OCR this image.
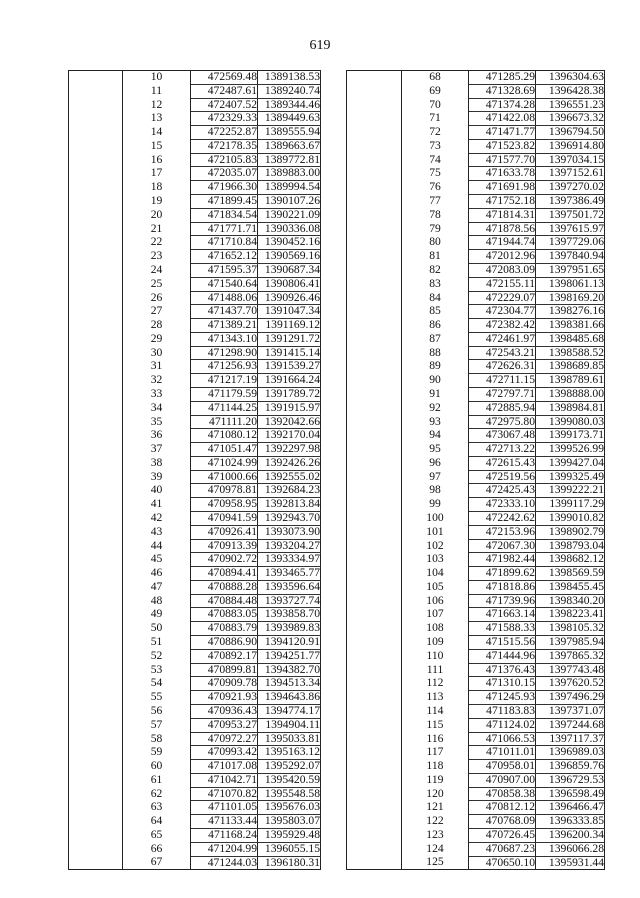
619
	10	472569.48	1389138.53
	11	472487.61	1389240.74
	12	472407.52	1389344.46
	13	472329.33	1389449.63
	14	472252.87	1389555.94
	15	472178.35	1389663.67
	16	472105.83	1389772.81
	17	472035.07	1389883.00
	18	471966.30	1389994.54
	19	471899.45	1390107.26
	20	471834.54	1390221.09
	21	471771.71	1390336.08
	22	471710.84	1390452.16
	23	471652.12	1390569.16
	24	471595.37	1390687.34
	25	471540.64	1390806.41
	26	471488.06	1390926.46
	27	471437.70	1391047.34
	28	471389.21	1391169.12
	29	471343.10	1391291.72
	30	471298.90	1391415.14
	31	471256.93	1391539.27
	32	471217.19	1391664.24
	33	471179.59	1391789.72
	34	471144.25	1391915.97
	35	471111.20	1392042.66
	36	471080.12	1392170.04
	37	471051.47	1392297.98
	38	471024.99	1392426.26
	39	471000.66	1392555.02
	40	470978.81	1392684.23
	41	470958.95	1392813.84
	42	470941.59	1392943.70
	43	470926.41	1393073.90
	44	470913.39	1393204.27
	45	470902.72	1393334.97
	46	470894.41	1393465.77
	47	470888.28	1393596.64
	48	470884.48	1393727.74
	49	470883.05	1393858.70
	50	470883.79	1393989.83
	51	470886.90	1394120.91
	52	470892.17	1394251.77
	53	470899.81	1394382.70
	54	470909.78	1394513.34
	55	470921.93	1394643.86
	56	470936.43	1394774.17
	57	470953.27	1394904.11
	58	470972.27	1395033.81
	59	470993.42	1395163.12
	60	471017.08	1395292.07
	61	471042.71	1395420.59
	62	471070.82	1395548.58
	63	471101.05	1395676.03
	64	471133.44	1395803.07
	65	471168.24	1395929.48
	66	471204.99	1396055.15
	67	471244.03	1396180.31
	68	471285.29	1396304.63
	69	471328.69	1396428.38
	70	471374.28	1396551.23
	71	471422.08	1396673.32
	72	471471.77	1396794.50
	73	471523.82	1396914.80
	74	471577.70	1397034.15
	75	471633.78	1397152.61
	76	471691.98	1397270.02
	77	471752.18	1397386.49
	78	471814.31	1397501.72
	79	471878.56	1397615.97
	80	471944.74	1397729.06
	81	472012.96	1397840.94
	82	472083.09	1397951.65
	83	472155.11	1398061.13
	84	472229.07	1398169.20
	85	472304.77	1398276.16
	86	472382.42	1398381.66
	87	472461.97	1398485.68
	88	472543.21	1398588.52
	89	472626.31	1398689.85
	90	472711.15	1398789.61
	91	472797.71	1398888.00
	92	472885.94	1398984.81
	93	472975.80	1399080.03
	94	473067.48	1399173.71
	95	472713.22	1399526.99
	96	472615.43	1399427.04
	97	472519.56	1399325.49
	98	472425.43	1399222.21
	99	472333.10	1399117.29
	100	472242.62	1399010.82
	101	472153.96	1398902.79
	102	472067.30	1398793.04
	103	471982.44	1398682.12
	104	471899.62	1398569.59
	105	471818.86	1398455.45
	106	471739.96	1398340.20
	107	471663.14	1398223.41
	108	471588.33	1398105.32
	109	471515.56	1397985.94
	110	471444.96	1397865.32
	111	471376.43	1397743.48
	112	471310.15	1397620.52
	113	471245.93	1397496.29
	114	471183.83	1397371.07
	115	471124.02	1397244.68
	116	471066.53	1397117.37
	117	471011.01	1396989.03
	118	470958.01	1396859.76
	119	470907.00	1396729.53
	120	470858.38	1396598.49
	121	470812.12	1396466.47
	122	470768.09	1396333.85
	123	470726.45	1396200.34
	124	470687.23	1396066.28
	125	470650.10	1395931.44
